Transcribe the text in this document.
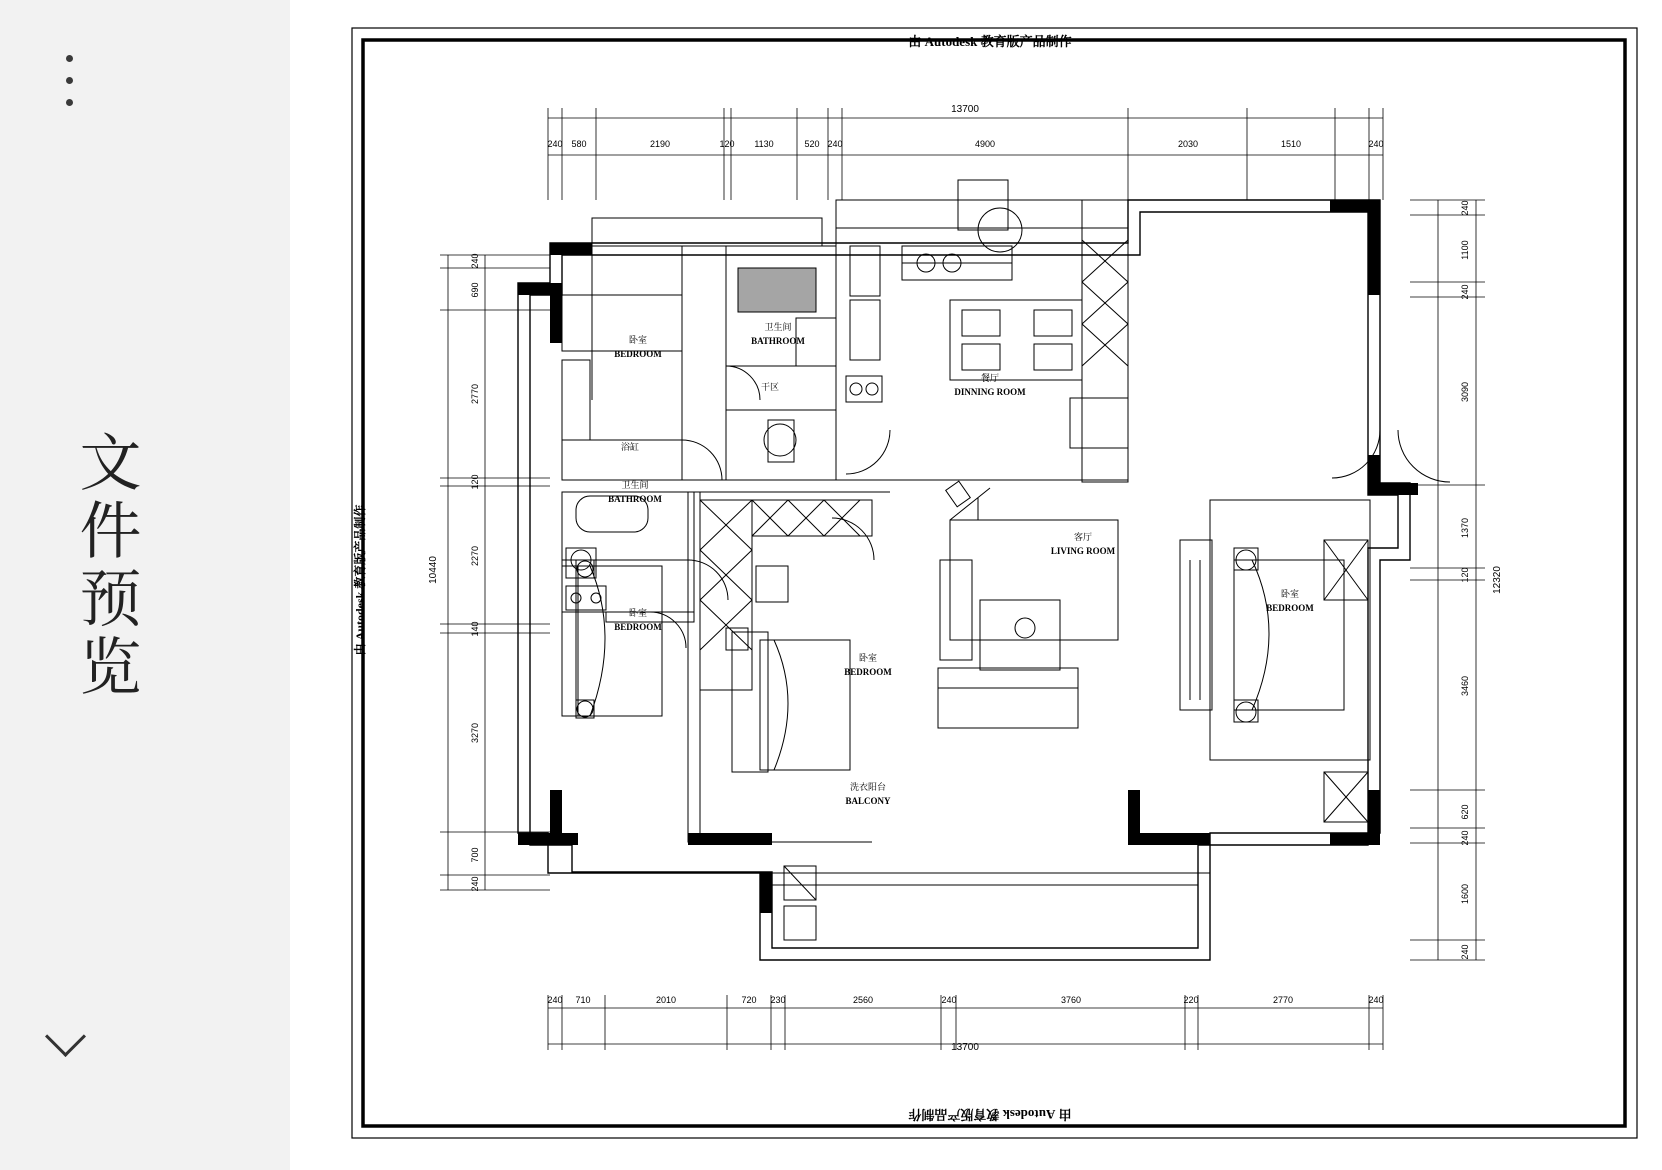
文件预览
由 Autodesk 教育版产品制作
由 Autodesk 教育版产品制作
由 Autodesk 教育版产品制作
13700
240 580	2190	120 1130	520 240	4900	2030	1510	240
240 710	2010	720 230	2560	240	3760	220	2770	240
13700
240
690
2770
120
2270
140
3270
700
240
10440
240
1100
240
3090
1370
120
3460
620
240
1600
240
12320
卧室
BEDROOM
卫生间
BATHROOM
干区
餐厅
DINNING ROOM
浴缸
卫生间
BATHROOM
卧室
BEDROOM
卧室
BEDROOM
客厅
LIVING ROOM
卧室
BEDROOM
洗衣阳台
BALCONY
